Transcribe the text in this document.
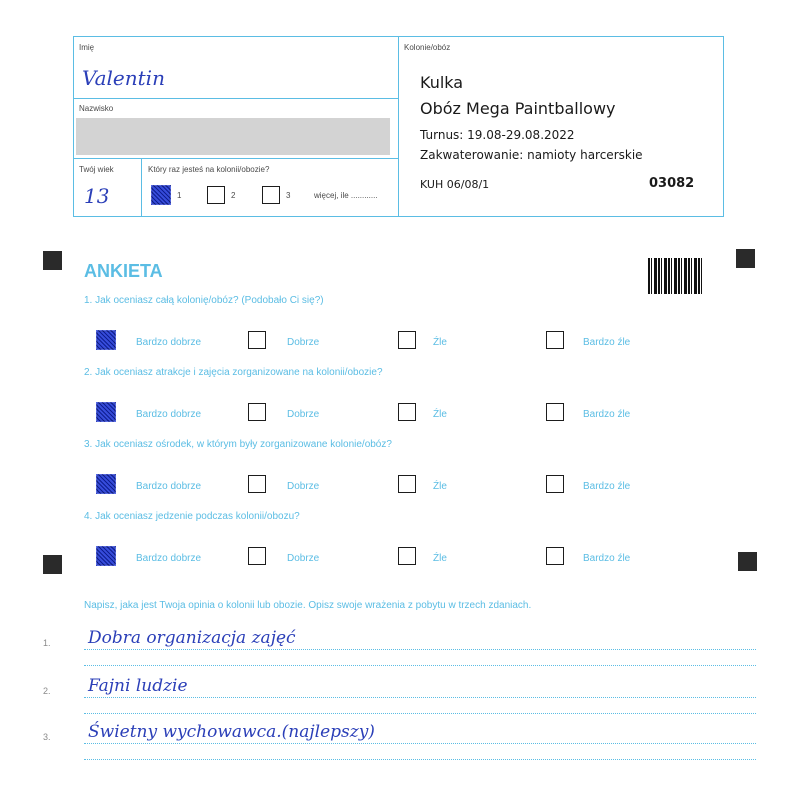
Imię
Valentin
Nazwisko
Twój wiek
13
Który raz jesteś na kolonii/obozie?
1	2	3	więcej, ile ............
Kolonie/obóz
Kulka
Obóz Mega Paintballowy
Turnus: 19.08-29.08.2022
Zakwaterowanie: namioty harcerskie
KUH 06/08/1	03082
ANKIETA
1. Jak oceniasz całą kolonię/obóz? (Podobało Ci się?)
Bardzo dobrze	Dobrze	Źle	Bardzo źle
2. Jak oceniasz atrakcje i zajęcia zorganizowane na kolonii/obozie?
Bardzo dobrze	Dobrze	Źle	Bardzo źle
3. Jak oceniasz ośrodek, w którym były zorganizowane kolonie/obóz?
Bardzo dobrze	Dobrze	Źle	Bardzo źle
4. Jak oceniasz jedzenie podczas kolonii/obozu?
Bardzo dobrze	Dobrze	Źle	Bardzo źle
Napisz, jaka jest Twoja opinia o kolonii lub obozie. Opisz swoje wrażenia z pobytu w trzech zdaniach.
1. Dobra organizacja zajęć
2. Fajni ludzie
3. Świetny wychowawca.(najlepszy)
